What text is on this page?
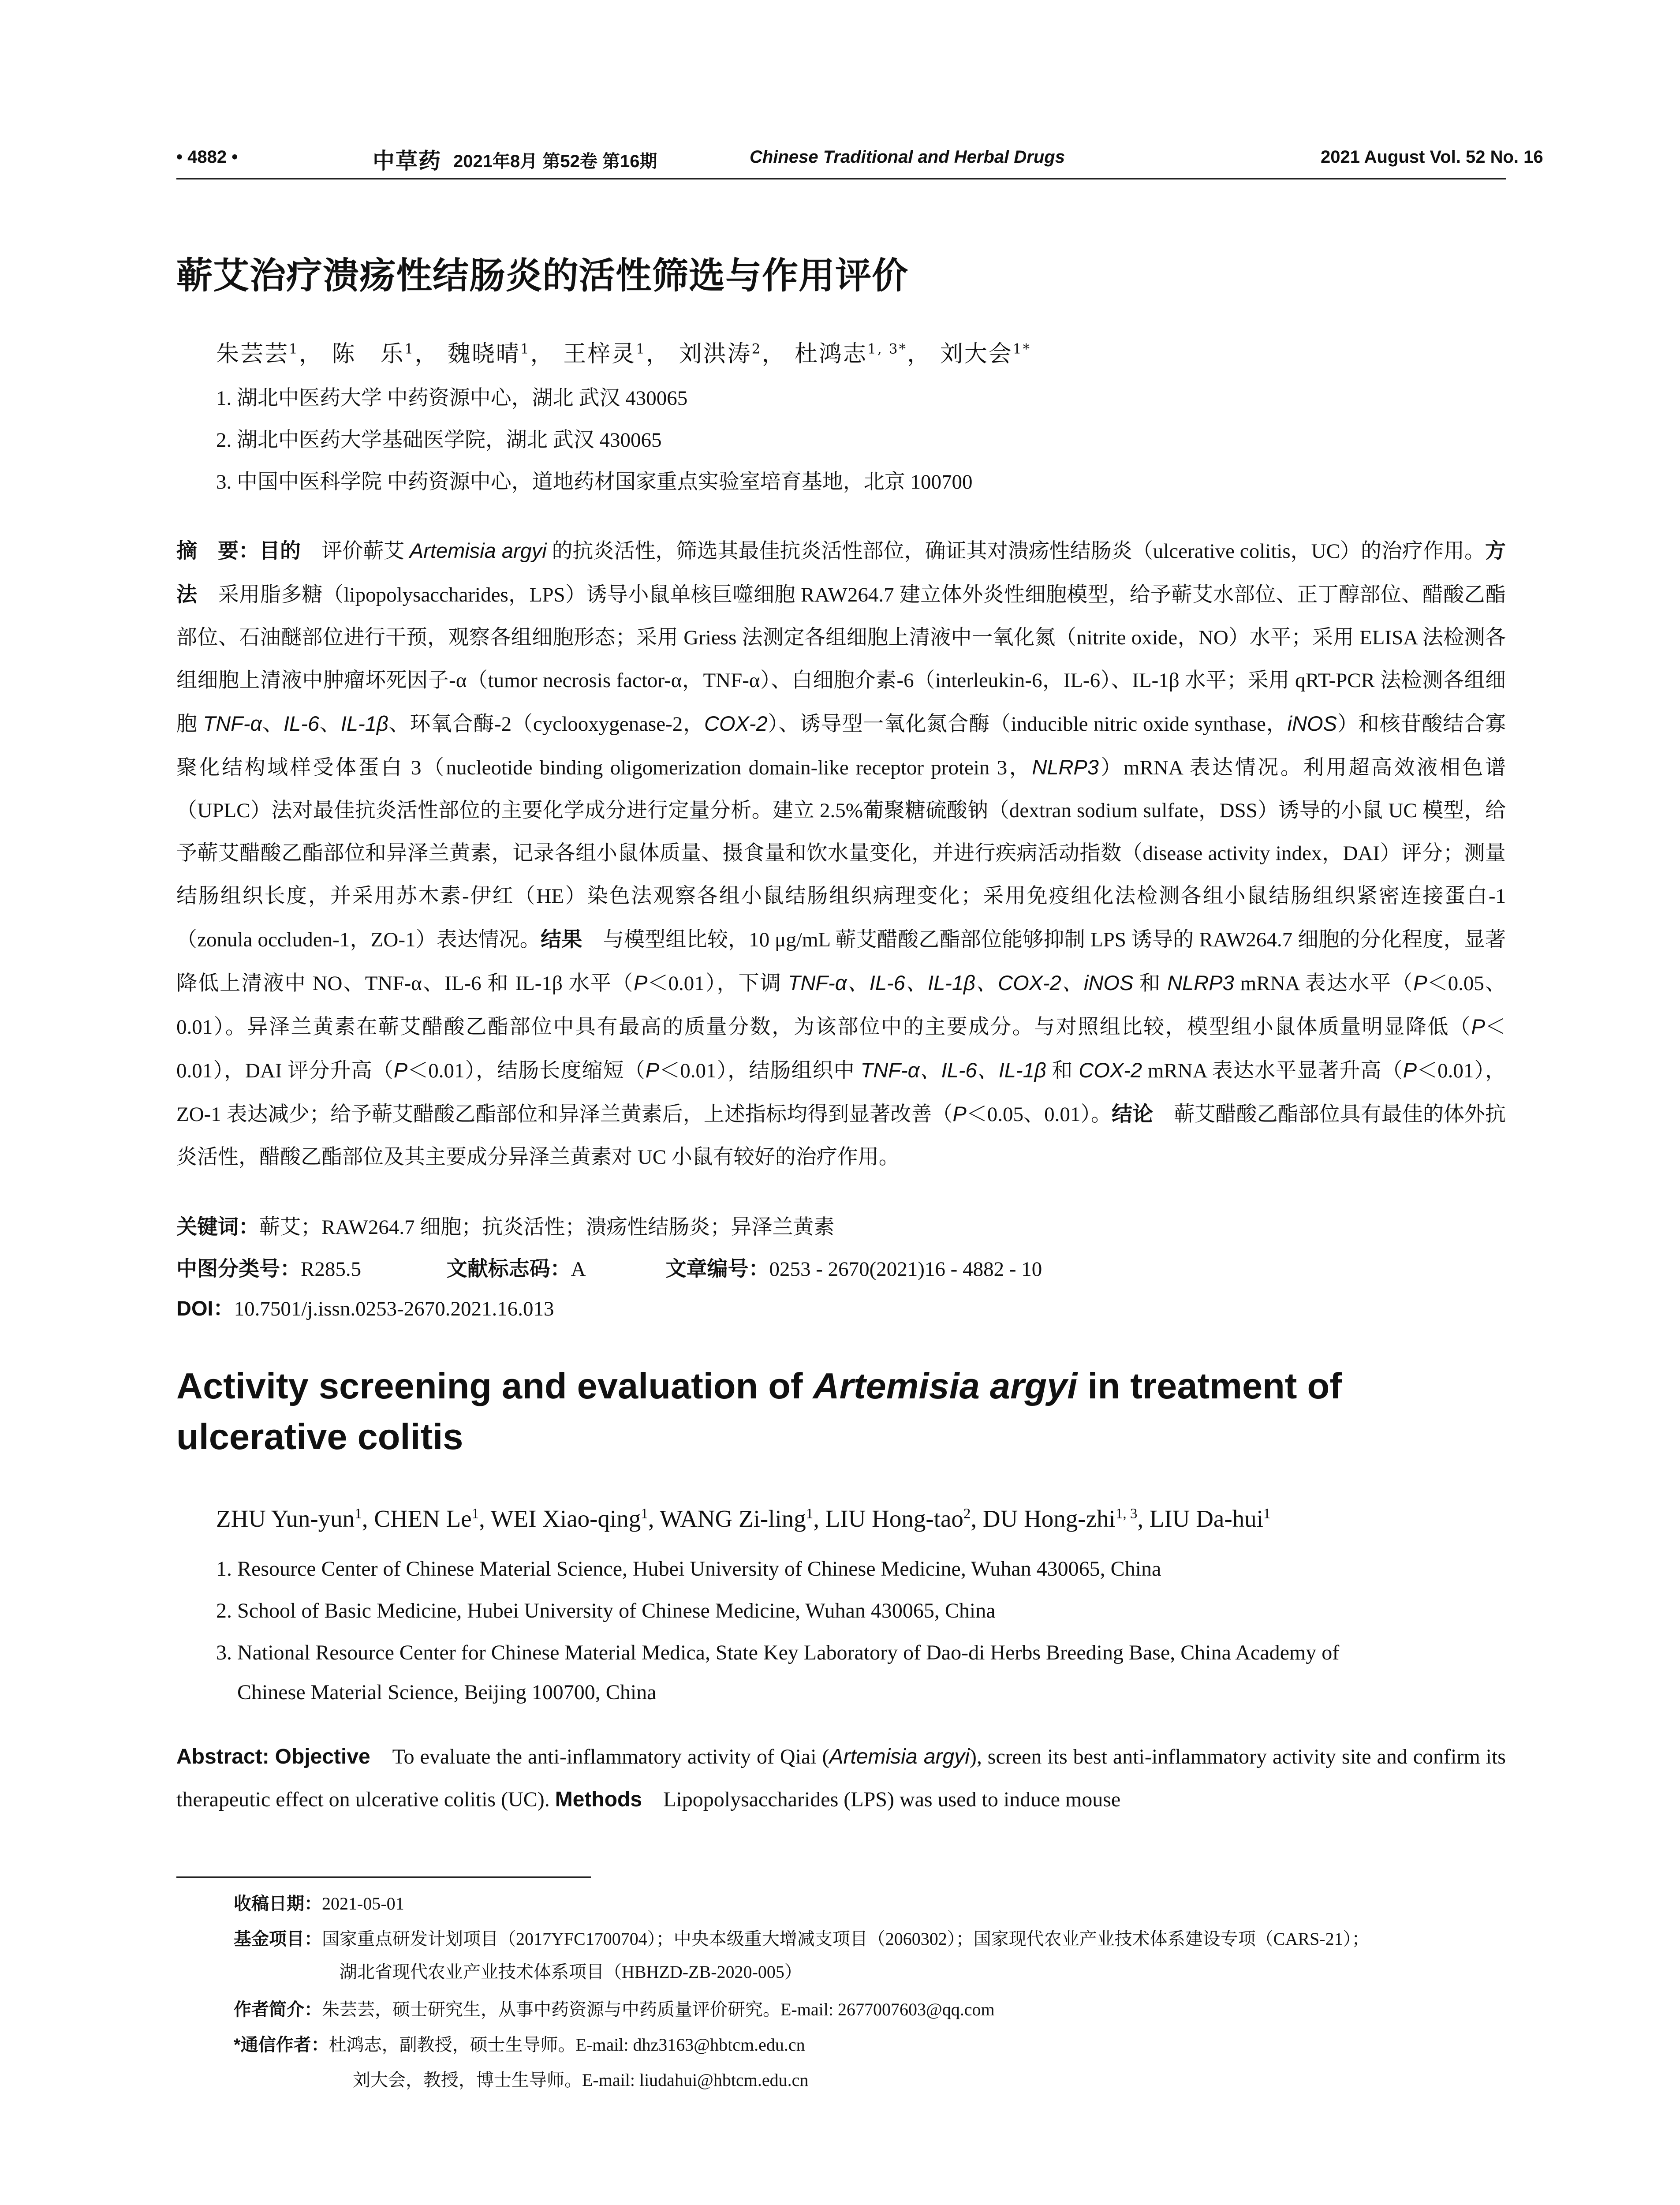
• 4882 •	中草药 2021年8月 第52卷 第16期	Chinese Traditional and Herbal Drugs	2021 August Vol. 52 No. 16
蕲艾治疗溃疡性结肠炎的活性筛选与作用评价
朱芸芸$^1$， 陈　乐$^1$， 魏晓晴$^1$， 王梓灵$^1$， 刘洪涛$^2$， 杜鸿志$^{1, 3*}$， 刘大会$^{1*}$
1. 湖北中医药大学 中药资源中心，湖北 武汉 430065
2. 湖北中医药大学基础医学院，湖北 武汉 430065
3. 中国中医科学院 中药资源中心，道地药材国家重点实验室培育基地，北京 100700
摘　要：目的　评价蕲艾 Artemisia argyi 的抗炎活性，筛选其最佳抗炎活性部位，确证其对溃疡性结肠炎（ulcerative colitis，UC）的治疗作用。方法　采用脂多糖（lipopolysaccharides，LPS）诱导小鼠单核巨噬细胞 RAW264.7 建立体外炎性细胞模型，给予蕲艾水部位、正丁醇部位、醋酸乙酯部位、石油醚部位进行干预，观察各组细胞形态；采用 Griess 法测定各组细胞上清液中一氧化氮（nitrite oxide，NO）水平；采用 ELISA 法检测各组细胞上清液中肿瘤坏死因子-α（tumor necrosis factor-α，TNF-α）、白细胞介素-6（interleukin-6，IL-6）、IL-1β 水平；采用 qRT-PCR 法检测各组细胞 TNF-α、IL-6、IL-1β、环氧合酶-2（cyclooxygenase-2，COX-2）、诱导型一氧化氮合酶（inducible nitric oxide synthase，iNOS）和核苷酸结合寡聚化结构域样受体蛋白 3（nucleotide binding oligomerization domain-like receptor protein 3，NLRP3）mRNA 表达情况。利用超高效液相色谱（UPLC）法对最佳抗炎活性部位的主要化学成分进行定量分析。建立 2.5%葡聚糖硫酸钠（dextran sodium sulfate，DSS）诱导的小鼠 UC 模型，给予蕲艾醋酸乙酯部位和异泽兰黄素，记录各组小鼠体质量、摄食量和饮水量变化，并进行疾病活动指数（disease activity index，DAI）评分；测量结肠组织长度，并采用苏木素-伊红（HE）染色法观察各组小鼠结肠组织病理变化；采用免疫组化法检测各组小鼠结肠组织紧密连接蛋白-1（zonula occluden-1，ZO-1）表达情况。结果　与模型组比较，10 μg/mL 蕲艾醋酸乙酯部位能够抑制 LPS 诱导的 RAW264.7 细胞的分化程度，显著降低上清液中 NO、TNF-α、IL-6 和 IL-1β 水平（P＜0.01），下调 TNF-α、IL-6、IL-1β、COX-2、iNOS 和 NLRP3 mRNA 表达水平（P＜0.05、0.01）。异泽兰黄素在蕲艾醋酸乙酯部位中具有最高的质量分数，为该部位中的主要成分。与对照组比较，模型组小鼠体质量明显降低（P＜0.01），DAI 评分升高（P＜0.01），结肠长度缩短（P＜0.01），结肠组织中 TNF-α、IL-6、IL-1β 和 COX-2 mRNA 表达水平显著升高（P＜0.01），ZO-1 表达减少；给予蕲艾醋酸乙酯部位和异泽兰黄素后，上述指标均得到显著改善（P＜0.05、0.01）。结论　蕲艾醋酸乙酯部位具有最佳的体外抗炎活性，醋酸乙酯部位及其主要成分异泽兰黄素对 UC 小鼠有较好的治疗作用。
关键词：蕲艾；RAW264.7 细胞；抗炎活性；溃疡性结肠炎；异泽兰黄素
中图分类号：R285.5	文献标志码：A	文章编号：0253 - 2670(2021)16 - 4882 - 10
DOI：10.7501/j.issn.0253-2670.2021.16.013
Activity screening and evaluation of Artemisia argyi in treatment of ulcerative colitis
ZHU Yun-yun$^1$, CHEN Le$^1$, WEI Xiao-qing$^1$, WANG Zi-ling$^1$, LIU Hong-tao$^2$, DU Hong-zhi$^{1, 3}$, LIU Da-hui$^1$
1. Resource Center of Chinese Material Science, Hubei University of Chinese Medicine, Wuhan 430065, China
2. School of Basic Medicine, Hubei University of Chinese Medicine, Wuhan 430065, China
3. National Resource Center for Chinese Material Medica, State Key Laboratory of Dao-di Herbs Breeding Base, China Academy of
Chinese Material Science, Beijing 100700, China
Abstract: Objective　To evaluate the anti-inflammatory activity of Qiai (Artemisia argyi), screen its best anti-inflammatory activity site and confirm its therapeutic effect on ulcerative colitis (UC). Methods　Lipopolysaccharides (LPS) was used to induce mouse
收稿日期：2021-05-01
基金项目：国家重点研发计划项目（2017YFC1700704）；中央本级重大增减支项目（2060302）；国家现代农业产业技术体系建设专项（CARS-21）；
湖北省现代农业产业技术体系项目（HBHZD-ZB-2020-005）
作者简介：朱芸芸，硕士研究生，从事中药资源与中药质量评价研究。E-mail: 2677007603@qq.com
*通信作者：杜鸿志，副教授，硕士生导师。E-mail: dhz3163@hbtcm.edu.cn
刘大会，教授，博士生导师。E-mail: liudahui@hbtcm.edu.cn
